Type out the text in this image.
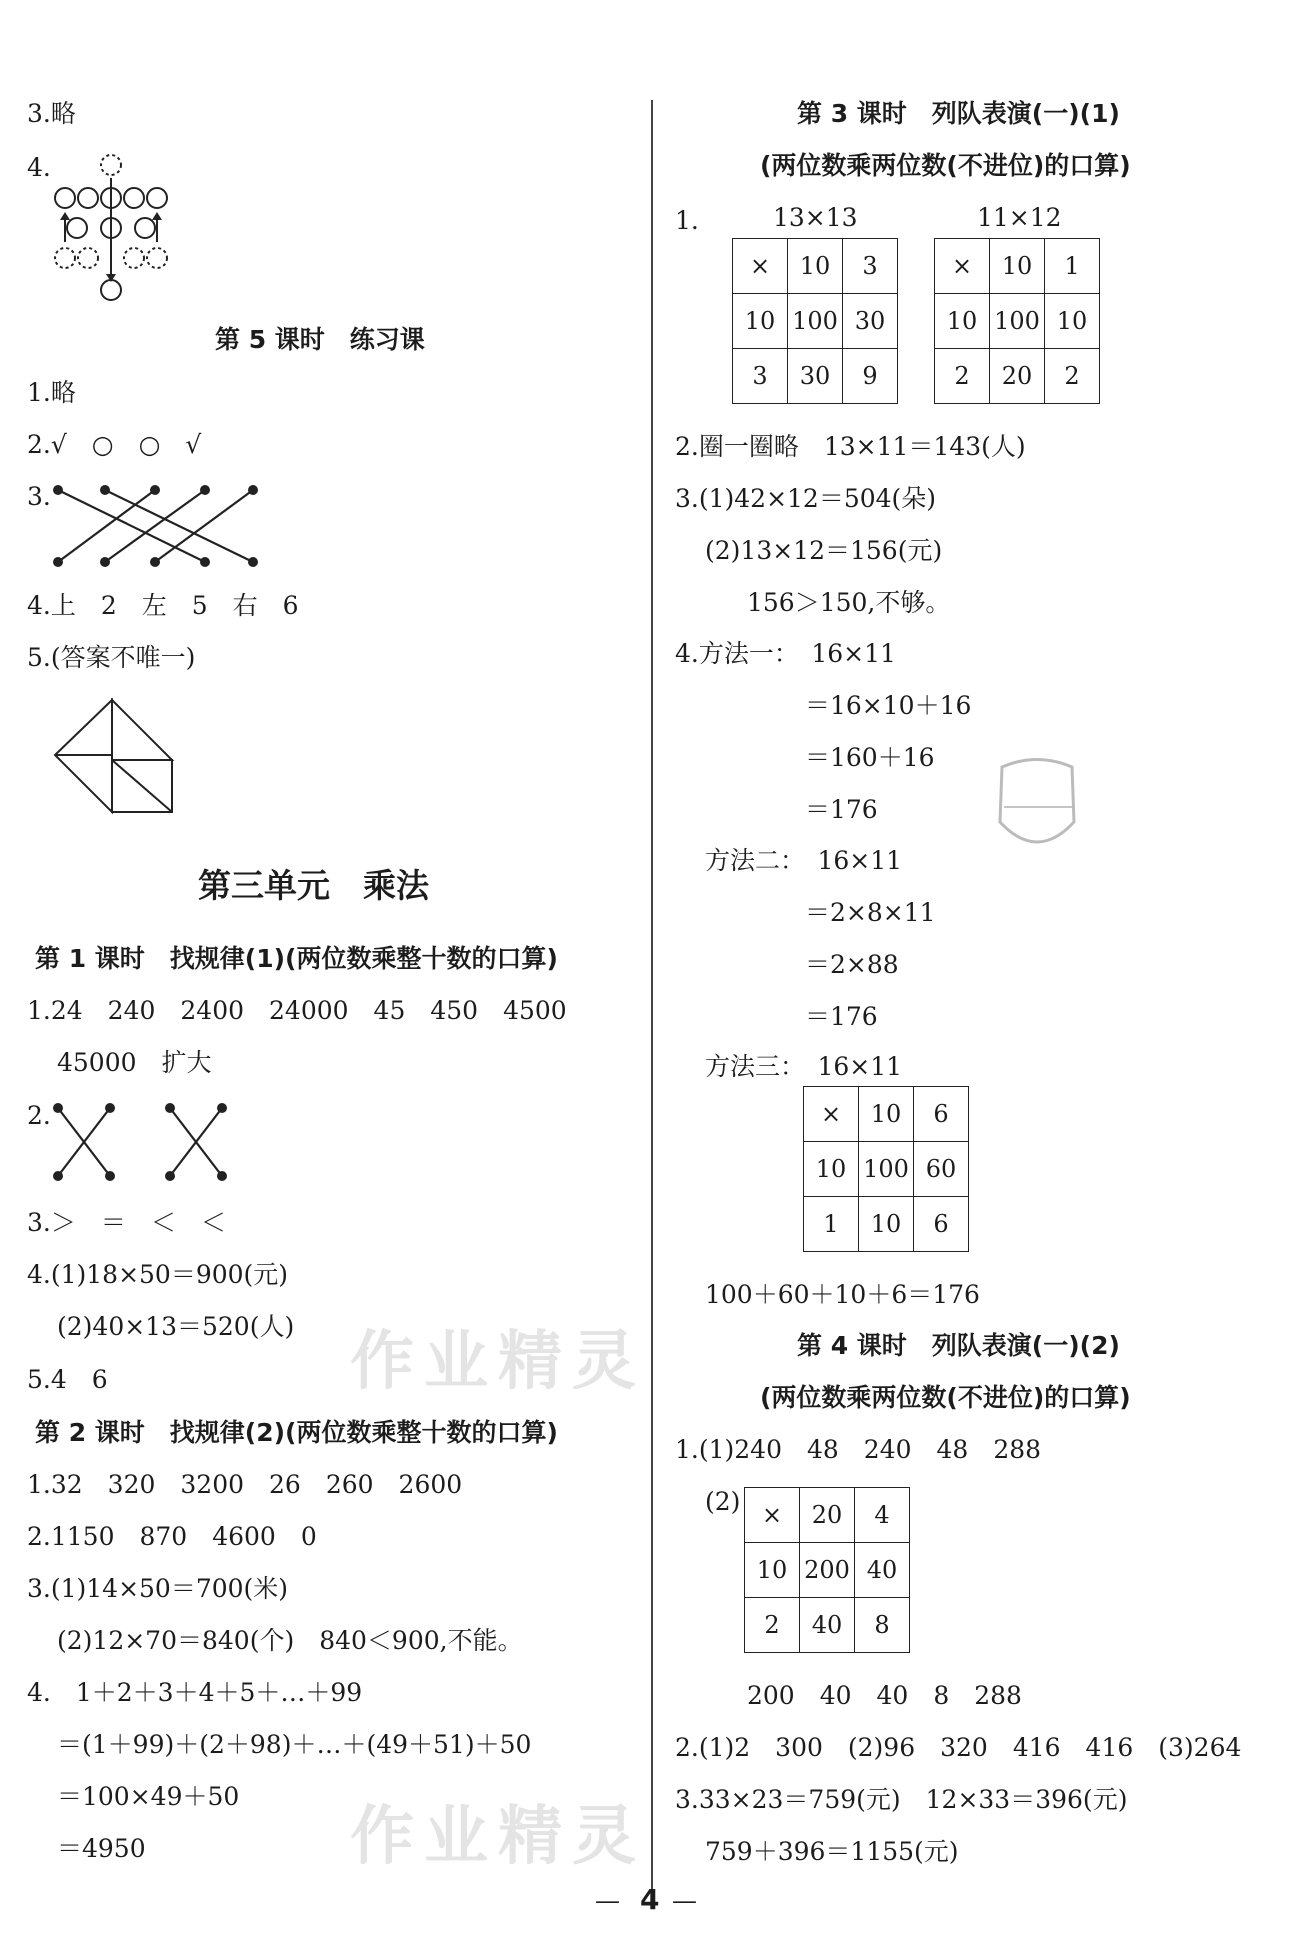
作业精灵
作业精灵
3.略
4.
第 5 课时　练习课
1.略
2.√　○　○　√
3.
4.上　2　左　5　右　6
5.(答案不唯一)
第三单元　乘法
第 1 课时　找规律(1)(两位数乘整十数的口算)
1.24　240　2400　24000　45　450　4500
45000　扩大
2.
3.＞　＝　＜　＜
4.(1)18×50＝900(元)
(2)40×13＝520(人)
5.4　6
第 2 课时　找规律(2)(两位数乘整十数的口算)
1.32　320　3200　26　260　2600
2.1150　870　4600　0
3.(1)14×50＝700(米)
(2)12×70＝840(个)　840＜900,不能。
4.　1＋2＋3＋4＋5＋…＋99
＝(1＋99)＋(2＋98)＋…＋(49＋51)＋50
＝100×49＋50
＝4950
第 3 课时　列队表演(一)(1)
(两位数乘两位数(不进位)的口算)
1.	13×13	11×12
×	10	3
10	100	30
3	30	9
×	10	1
10	100	10
2	20	2
2.圈一圈略　13×11＝143(人)
3.(1)42×12＝504(朵)
(2)13×12＝156(元)
156＞150,不够。
4.方法一：　16×11
＝16×10＋16
＝160＋16
＝176
方法二：　16×11
＝2×8×11
＝2×88
＝176
方法三：　16×11
×	10	6
10	100	60
1	10	6
100＋60＋10＋6＝176
第 4 课时　列队表演(一)(2)
(两位数乘两位数(不进位)的口算)
1.(1)240　48　240　48　288
(2) ×	20	4
10	200	40
2	40	8
200　40　40　8　288
2.(1)2　300　(2)96　320　416　416　(3)264
3.33×23＝759(元)　12×33＝396(元)
759＋396＝1155(元)
— 4 —
